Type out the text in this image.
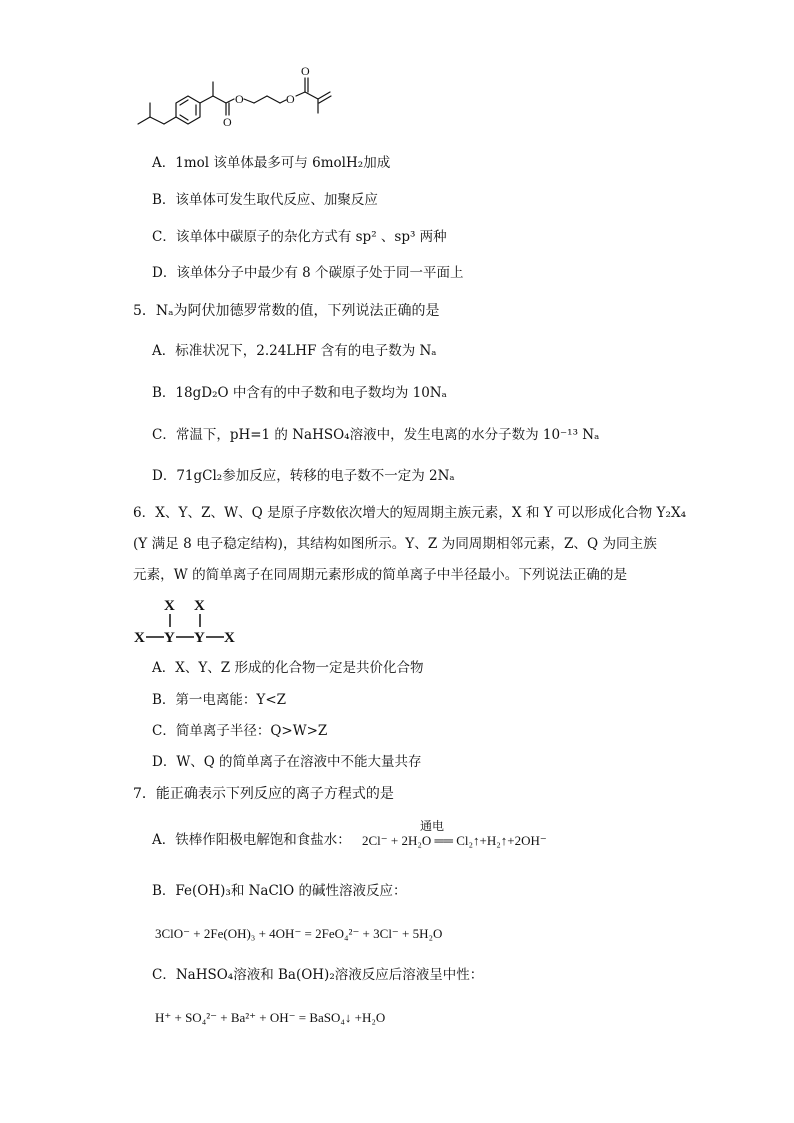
O
O	O
O
A．1mol 该单体最多可与 6molH₂加成
B．该单体可发生取代反应、加聚反应
C．该单体中碳原子的杂化方式有 sp² 、sp³ 两种
D．该单体分子中最少有 8 个碳原子处于同一平面上
5．Nₐ为阿伏加德罗常数的值，下列说法正确的是
A．标准状况下，2.24LHF 含有的电子数为 Nₐ
B．18gD₂O 中含有的中子数和电子数均为 10Nₐ
C．常温下，pH=1 的 NaHSO₄溶液中，发生电离的水分子数为 10⁻¹³ Nₐ
D．71gCl₂参加反应，转移的电子数不一定为 2Nₐ
6．X、Y、Z、W、Q 是原子序数依次增大的短周期主族元素，X 和 Y 可以形成化合物 Y₂X₄
(Y 满足 8 电子稳定结构)，其结构如图所示。Y、Z 为同周期相邻元素，Z、Q 为同主族
元素，W 的简单离子在同周期元素形成的简单离子中半径最小。下列说法正确的是
X X
X Y Y X
A．X、Y、Z 形成的化合物一定是共价化合物
B．第一电离能：Y<Z
C．简单离子半径：Q>W>Z
D．W、Q 的简单离子在溶液中不能大量共存
7．能正确表示下列反应的离子方程式的是
A．铁棒作阳极电解饱和食盐水：
通电
2Cl⁻ + 2H₂O ══ Cl₂↑+H₂↑+2OH⁻
B．Fe(OH)₃和 NaClO 的碱性溶液反应：
3ClO⁻ + 2Fe(OH)₃ + 4OH⁻ = 2FeO₄²⁻ + 3Cl⁻ + 5H₂O
C．NaHSO₄溶液和 Ba(OH)₂溶液反应后溶液呈中性：
H⁺ + SO₄²⁻ + Ba²⁺ + OH⁻ = BaSO₄↓ +H₂O
